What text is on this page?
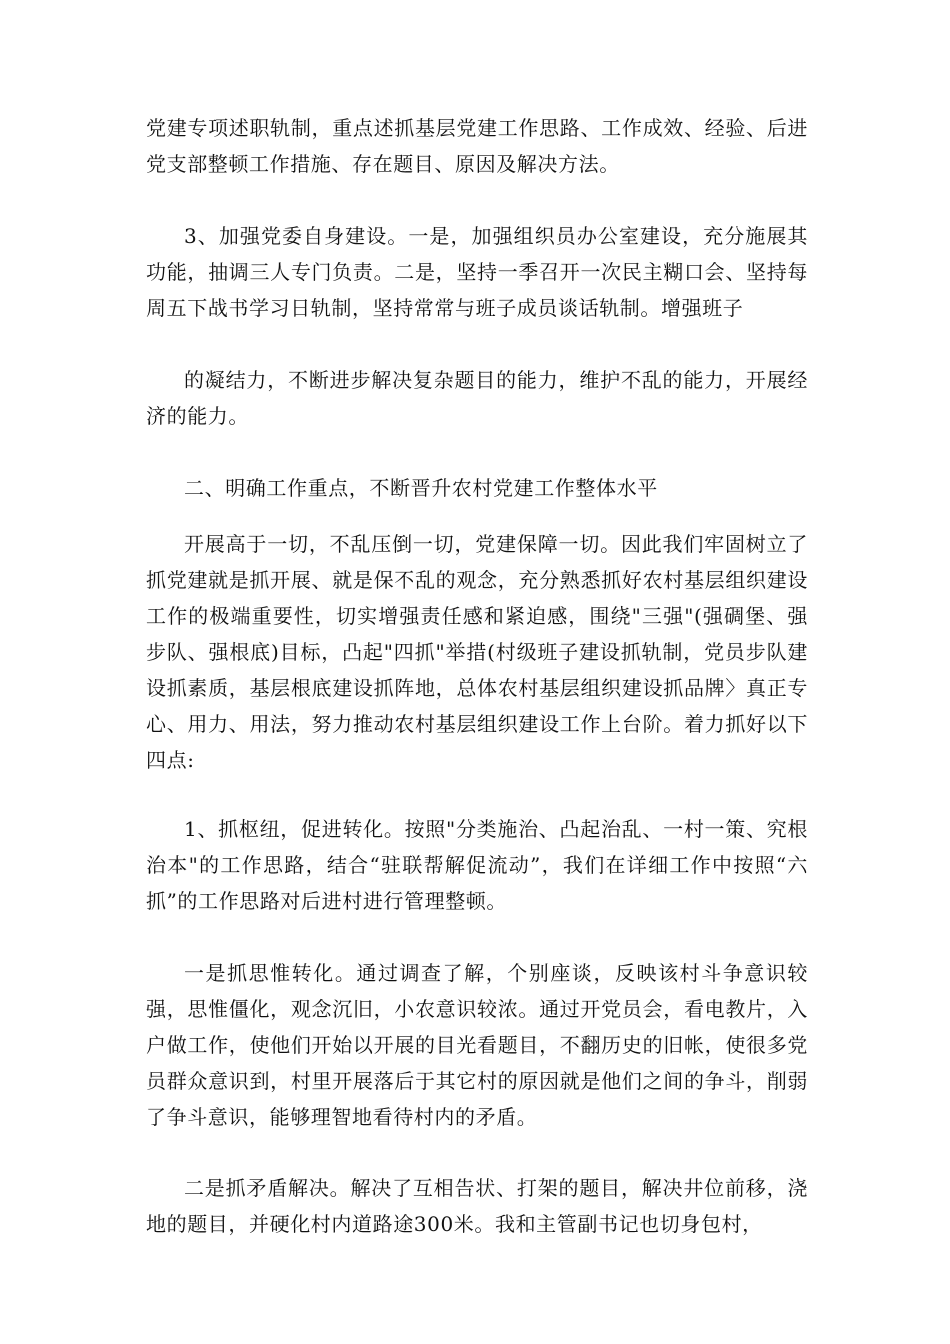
党建专项述职轨制，重点述抓基层党建工作思路、工作成效、经验、后进党支部整顿工作措施、存在题目、原因及解决方法。

3、加强党委自身建设。一是，加强组织员办公室建设，充分施展其功能，抽调三人专门负责。二是，坚持一季召开一次民主糊口会、坚持每周五下战书学习日轨制，坚持常常与班子成员谈话轨制。增强班子

的凝结力，不断进步解决复杂题目的能力，维护不乱的能力，开展经济的能力。

二、明确工作重点，不断晋升农村党建工作整体水平

开展高于一切，不乱压倒一切，党建保障一切。因此我们牢固树立了抓党建就是抓开展、就是保不乱的观念，充分熟悉抓好农村基层组织建设工作的极端重要性，切实增强责任感和紧迫感，围绕"三强"(强碉堡、强步队、强根底)目标，凸起"四抓"举措(村级班子建设抓轨制，党员步队建设抓素质，基层根底建设抓阵地，总体农村基层组织建设抓品牌〉真正专心、用力、用法，努力推动农村基层组织建设工作上台阶。着力抓好以下四点:

1、抓枢纽，促进转化。按照"分类施治、凸起治乱、一村一策、究根治本"的工作思路，结合“驻联帮解促流动”，我们在详细工作中按照“六抓”的工作思路对后进村进行管理整顿。

一是抓思惟转化。通过调查了解，个别座谈，反映该村斗争意识较强，思惟僵化，观念沉旧，小农意识较浓。通过开党员会，看电教片，入户做工作，使他们开始以开展的目光看题目，不翻历史的旧帐，使很多党员群众意识到，村里开展落后于其它村的原因就是他们之间的争斗，削弱了争斗意识，能够理智地看待村内的矛盾。

二是抓矛盾解决。解决了互相告状、打架的题目，解决井位前移，浇地的题目，并硬化村内道路途300米。我和主管副书记也切身包村，
